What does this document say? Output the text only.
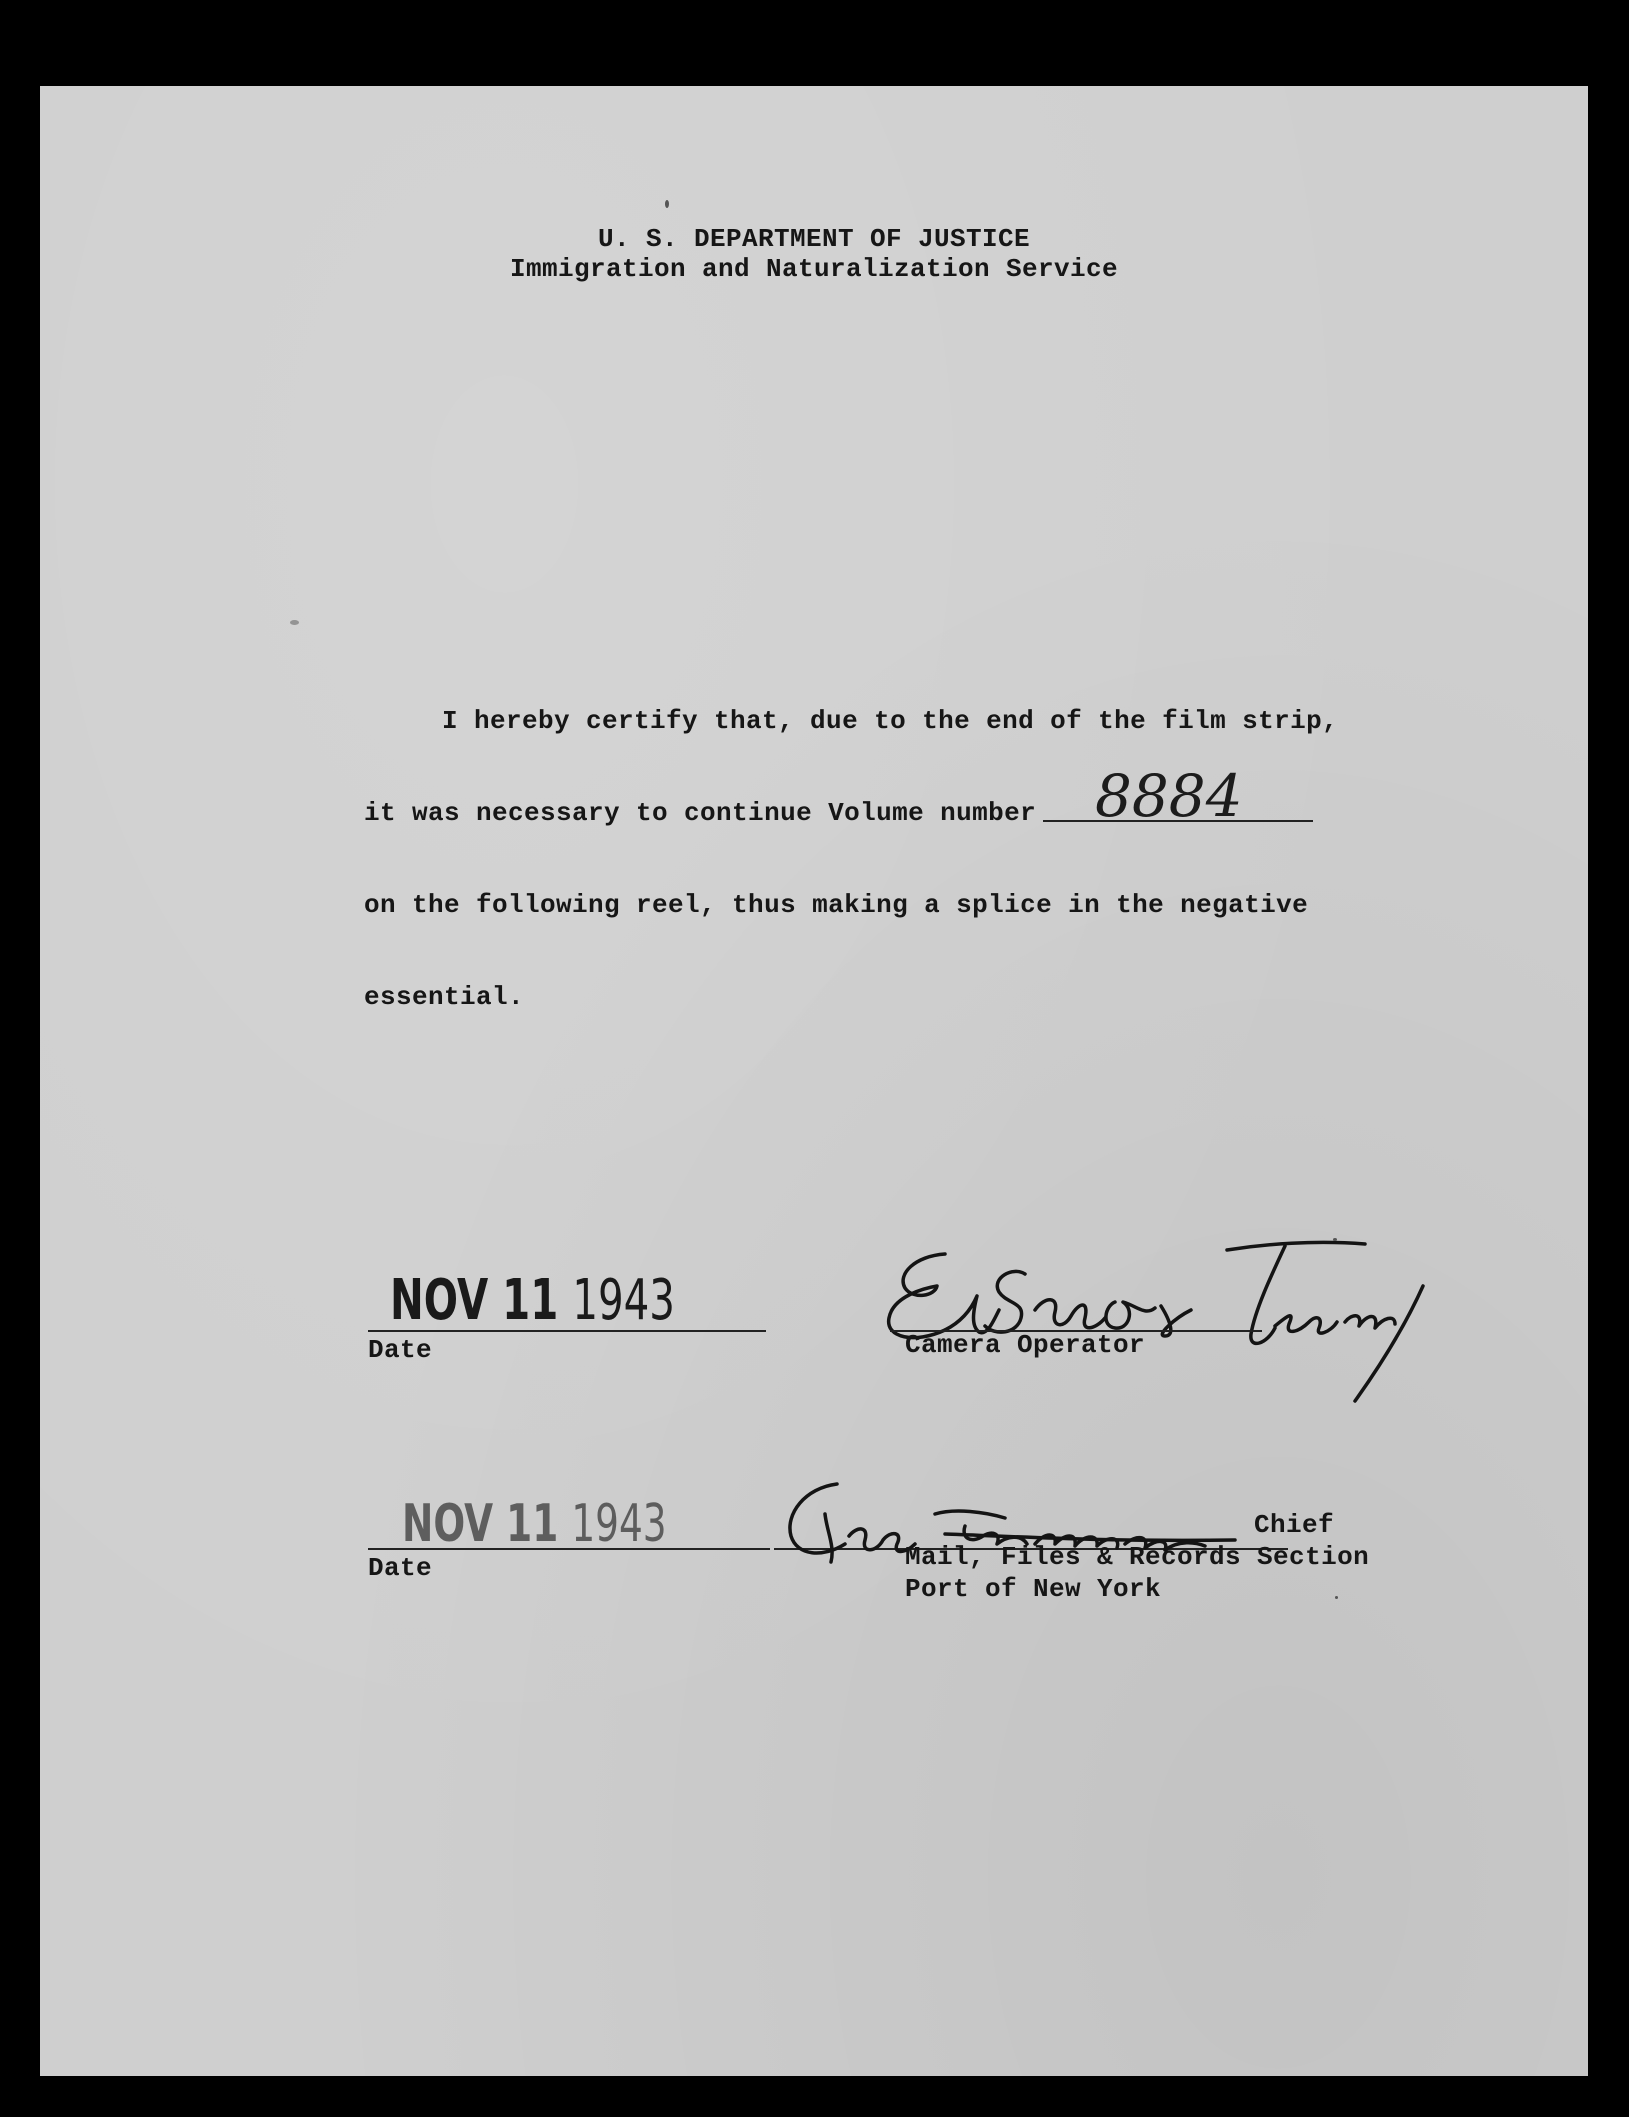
U. S. DEPARTMENT OF JUSTICE
Immigration and Naturalization Service
I hereby certify that, due to the end of the film strip,
it was necessary to continue Volume number 8884
on the following reel, thus making a splice in the negative
essential.
NOV 11 1943
Date	Camera Operator
NOV 11 1943
Date
Chief
Mail, Files & Records Section
Port of New York
